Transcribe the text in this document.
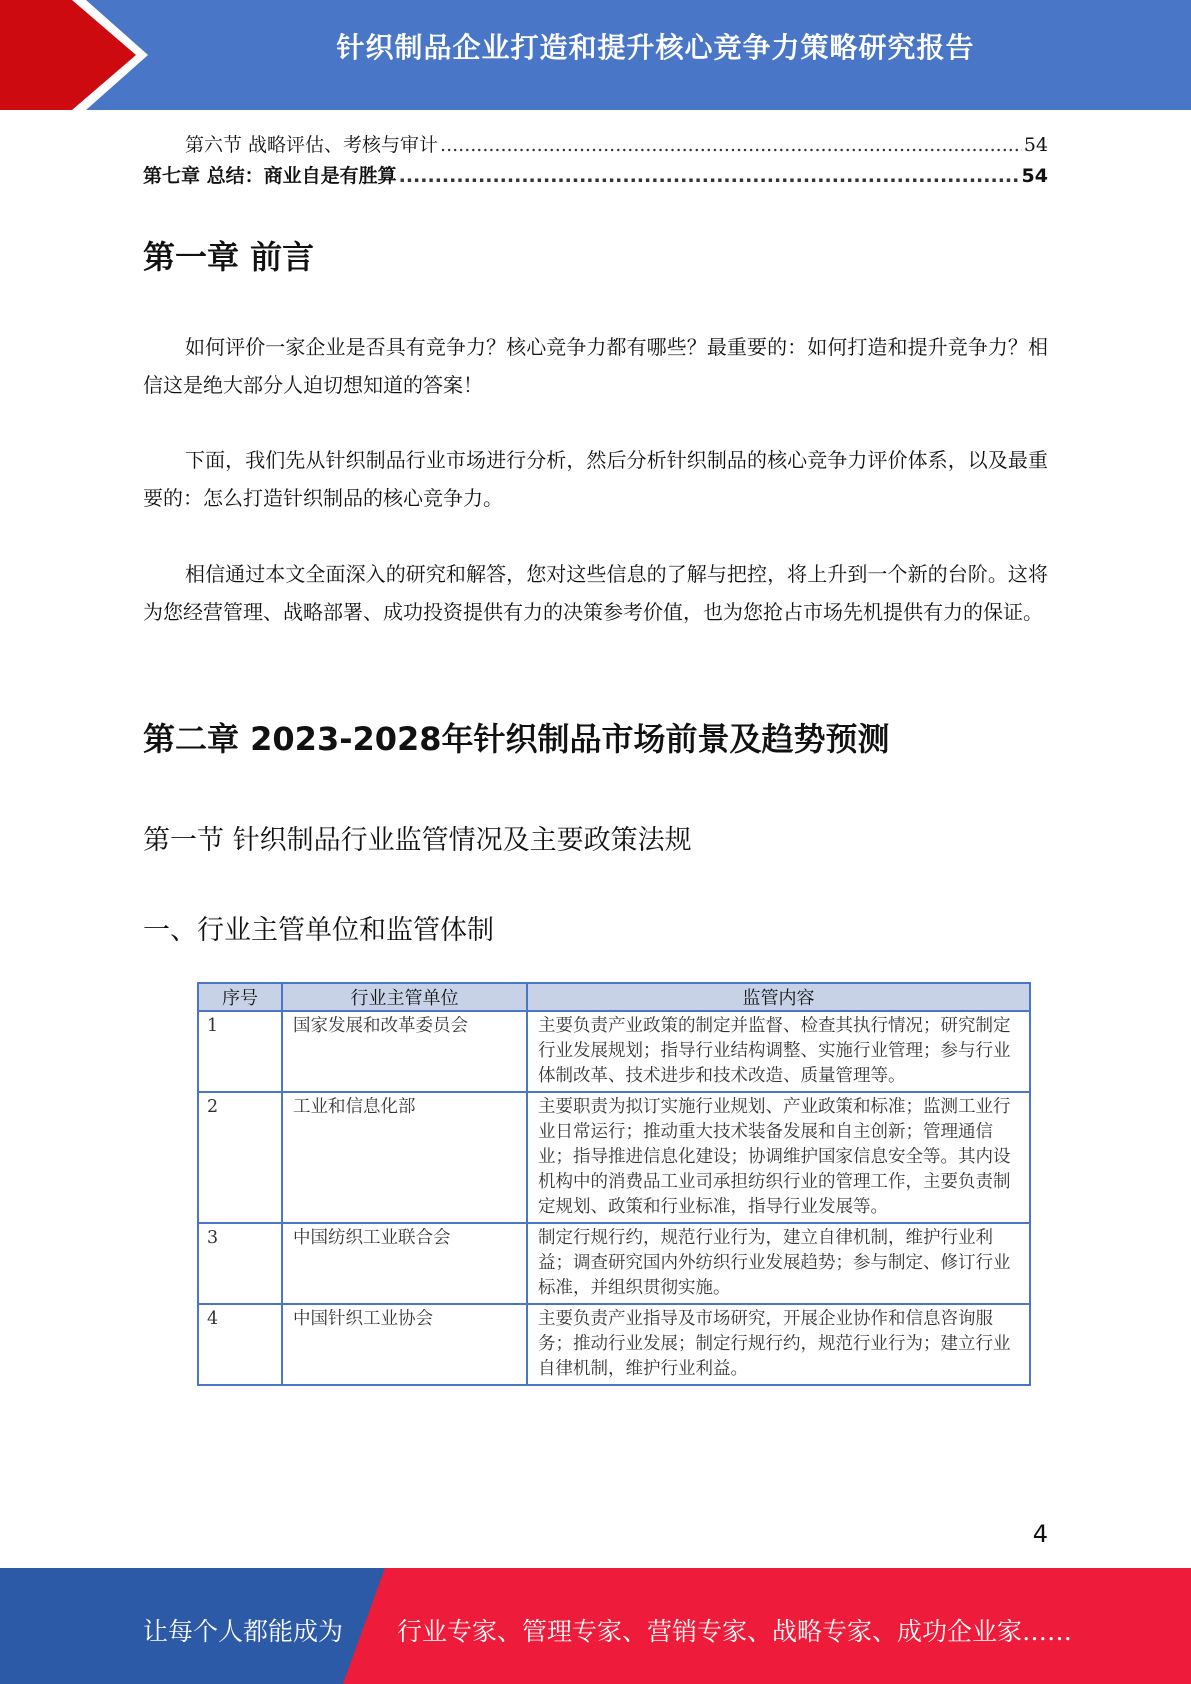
针织制品企业打造和提升核心竞争力策略研究报告
第六节 战略评估、考核与审计 .....	54
第七章 总结：商业自是有胜算 .....	54
第一章 前言
如何评价一家企业是否具有竞争力？核心竞争力都有哪些？最重要的：如何打造和提升竞争力？相信这是绝大部分人迫切想知道的答案！
下面，我们先从针织制品行业市场进行分析，然后分析针织制品的核心竞争力评价体系，以及最重要的：怎么打造针织制品的核心竞争力。
相信通过本文全面深入的研究和解答，您对这些信息的了解与把控，将上升到一个新的台阶。这将为您经营管理、战略部署、成功投资提供有力的决策参考价值，也为您抢占市场先机提供有力的保证。
第二章 2023-2028年针织制品市场前景及趋势预测
第一节 针织制品行业监管情况及主要政策法规
一、行业主管单位和监管体制
序号	行业主管单位	监管内容
1	国家发展和改革委员会	主要负责产业政策的制定并监督、检查其执行情况；研究制定行业发展规划；指导行业结构调整、实施行业管理；参与行业体制改革、技术进步和技术改造、质量管理等。
2	工业和信息化部	主要职责为拟订实施行业规划、产业政策和标准；监测工业行业日常运行；推动重大技术装备发展和自主创新；管理通信业；指导推进信息化建设；协调维护国家信息安全等。其内设机构中的消费品工业司承担纺织行业的管理工作，主要负责制定规划、政策和行业标准，指导行业发展等。
3	中国纺织工业联合会	制定行规行约，规范行业行为，建立自律机制，维护行业利益；调查研究国内外纺织行业发展趋势；参与制定、修订行业标准，并组织贯彻实施。
4	中国针织工业协会	主要负责产业指导及市场研究，开展企业协作和信息咨询服务；推动行业发展；制定行规行约，规范行业行为；建立行业自律机制，维护行业利益。
4
让每个人都能成为 行业专家、管理专家、营销专家、战略专家、成功企业家……
